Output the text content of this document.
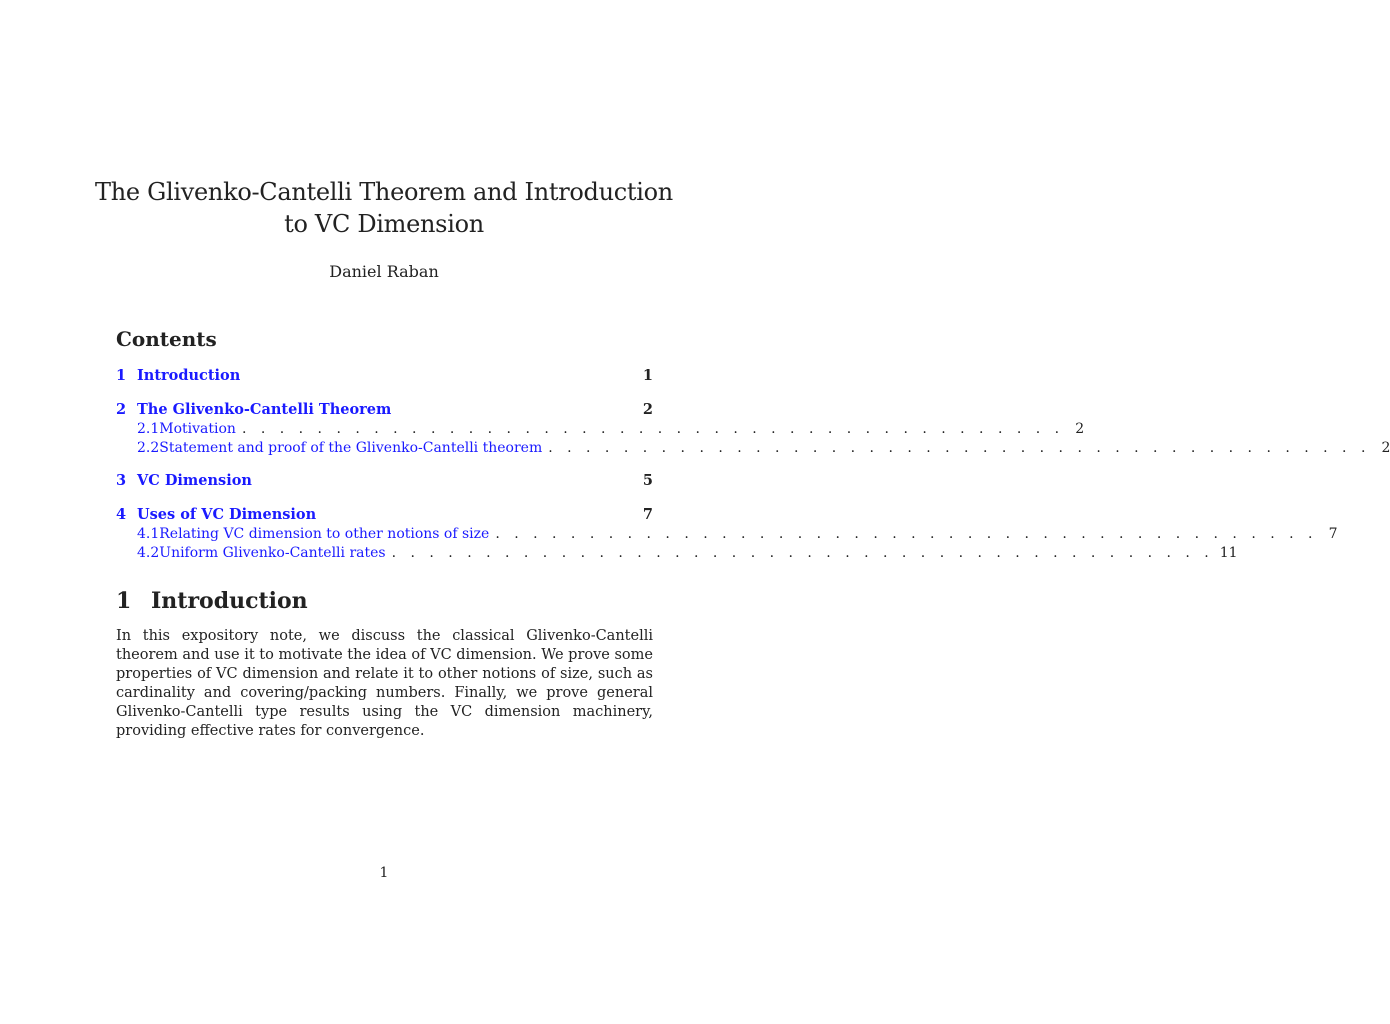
The Glivenko-Cantelli Theorem and Introduction
to VC Dimension
Daniel Raban
Contents
1 Introduction	1
2 The Glivenko-Cantelli Theorem	2
2.1 Motivation . . . . . . . . . . . . . . . . . . . . . . . . . . . . . . . . . . . . . . . . . . . . 2
2.2 Statement and proof of the Glivenko-Cantelli theorem . . . . . . . . . . . . . . . . . . . . . . . . . . . . . . . . . . . . . . . . . . . . 2
3 VC Dimension	5
4 Uses of VC Dimension	7
4.1 Relating VC dimension to other notions of size . . . . . . . . . . . . . . . . . . . . . . . . . . . . . . . . . . . . . . . . . . . . 7
4.2 Uniform Glivenko-Cantelli rates . . . . . . . . . . . . . . . . . . . . . . . . . . . . . . . . . . . . . . . . . . . . 11
1 Introduction

In this expository note, we discuss the classical Glivenko-Cantelli theorem and use it to motivate the idea of VC dimension. We prove some properties of VC dimension and relate it to other notions of size, such as cardinality and covering/packing numbers. Finally, we prove general Glivenko-Cantelli type results using the VC dimension machinery, providing effective rates for convergence.

1
